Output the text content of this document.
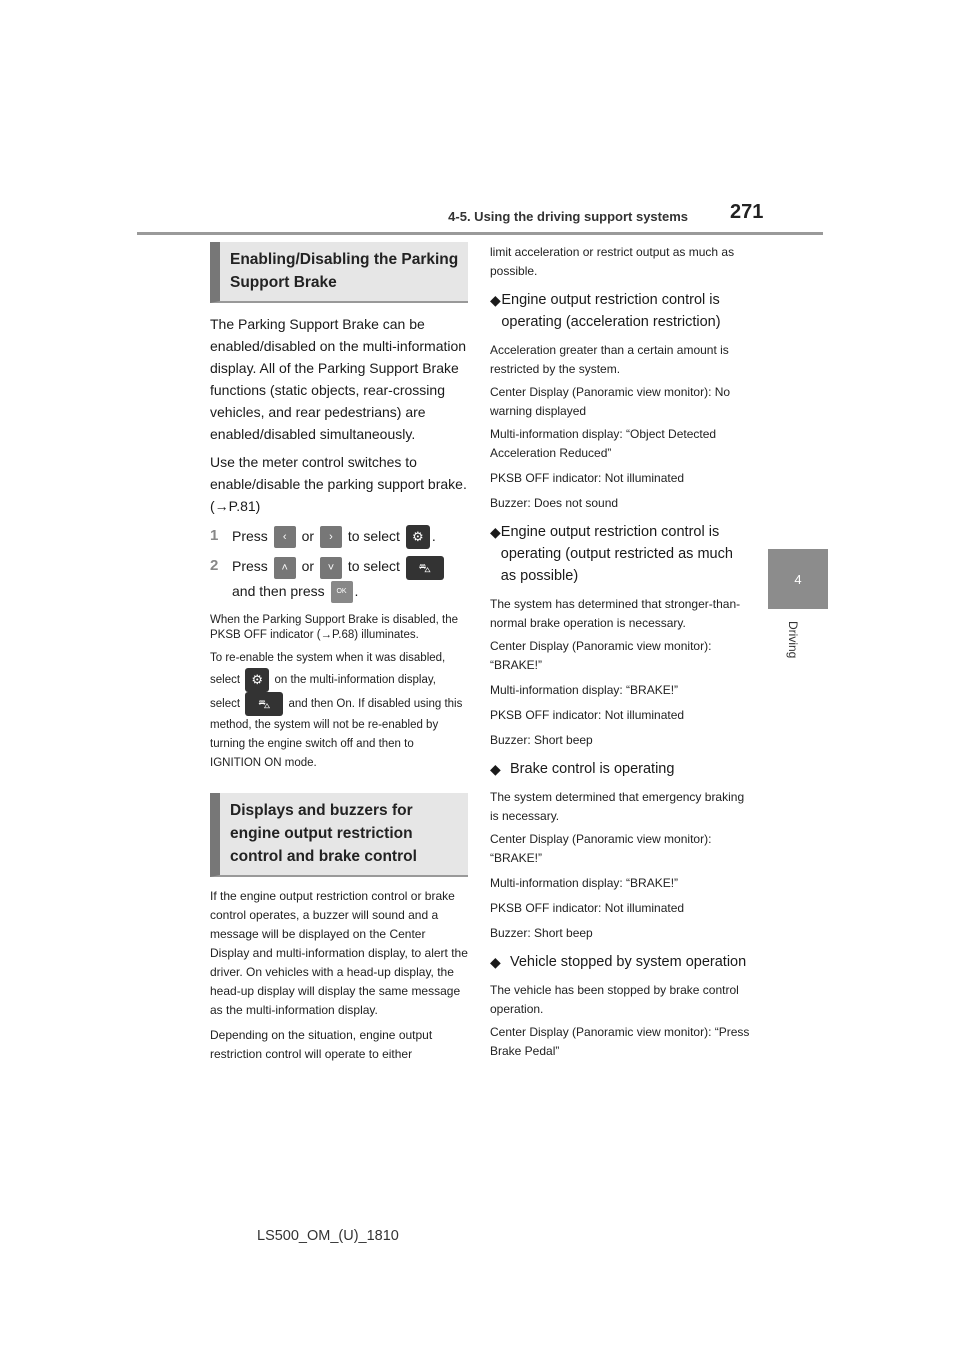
4-5. Using the driving support systems 271
4
Driving
Enabling/Disabling the Parking Support Brake

The Parking Support Brake can be enabled/disabled on the multi-information display. All of the Parking Support Brake functions (static objects, rear-crossing vehicles, and rear pedestrians) are enabled/disabled simultaneously.

Use the meter control switches to enable/disable the parking support brake. (→P.81)

1 Press ‹ or › to select ⚙ .
2 Press ˄ or ˅ to select ⛍
and then press OK .

When the Parking Support Brake is disabled, the PKSB OFF indicator (→P.68) illuminates.

To re-enable the system when it was disabled, select ⚙ on the multi-information display, select ⛍ and then On. If disabled using this method, the system will not be re-enabled by turning the engine switch off and then to IGNITION ON mode.

Displays and buzzers for engine output restriction control and brake control

If the engine output restriction control or brake control operates, a buzzer will sound and a message will be displayed on the Center Display and multi-information display, to alert the driver. On vehicles with a head-up display, the head-up display will display the same message as the multi-information display.

Depending on the situation, engine output restriction control will operate to either

limit acceleration or restrict output as much as possible.

◆ Engine output restriction control is operating (acceleration restriction)

Acceleration greater than a certain amount is restricted by the system.

Center Display (Panoramic view monitor): No warning displayed

Multi-information display: “Object Detected Acceleration Reduced”

PKSB OFF indicator: Not illuminated

Buzzer: Does not sound

◆ Engine output restriction control is operating (output restricted as much as possible)

The system has determined that stronger-than-normal brake operation is necessary.

Center Display (Panoramic view monitor): “BRAKE!”

Multi-information display: “BRAKE!”

PKSB OFF indicator: Not illuminated

Buzzer: Short beep

◆ Brake control is operating

The system determined that emergency braking is necessary.

Center Display (Panoramic view monitor): “BRAKE!”

Multi-information display: “BRAKE!”

PKSB OFF indicator: Not illuminated

Buzzer: Short beep

◆ Vehicle stopped by system operation

The vehicle has been stopped by brake control operation.

Center Display (Panoramic view monitor): “Press Brake Pedal”

LS500_OM_(U)_1810
